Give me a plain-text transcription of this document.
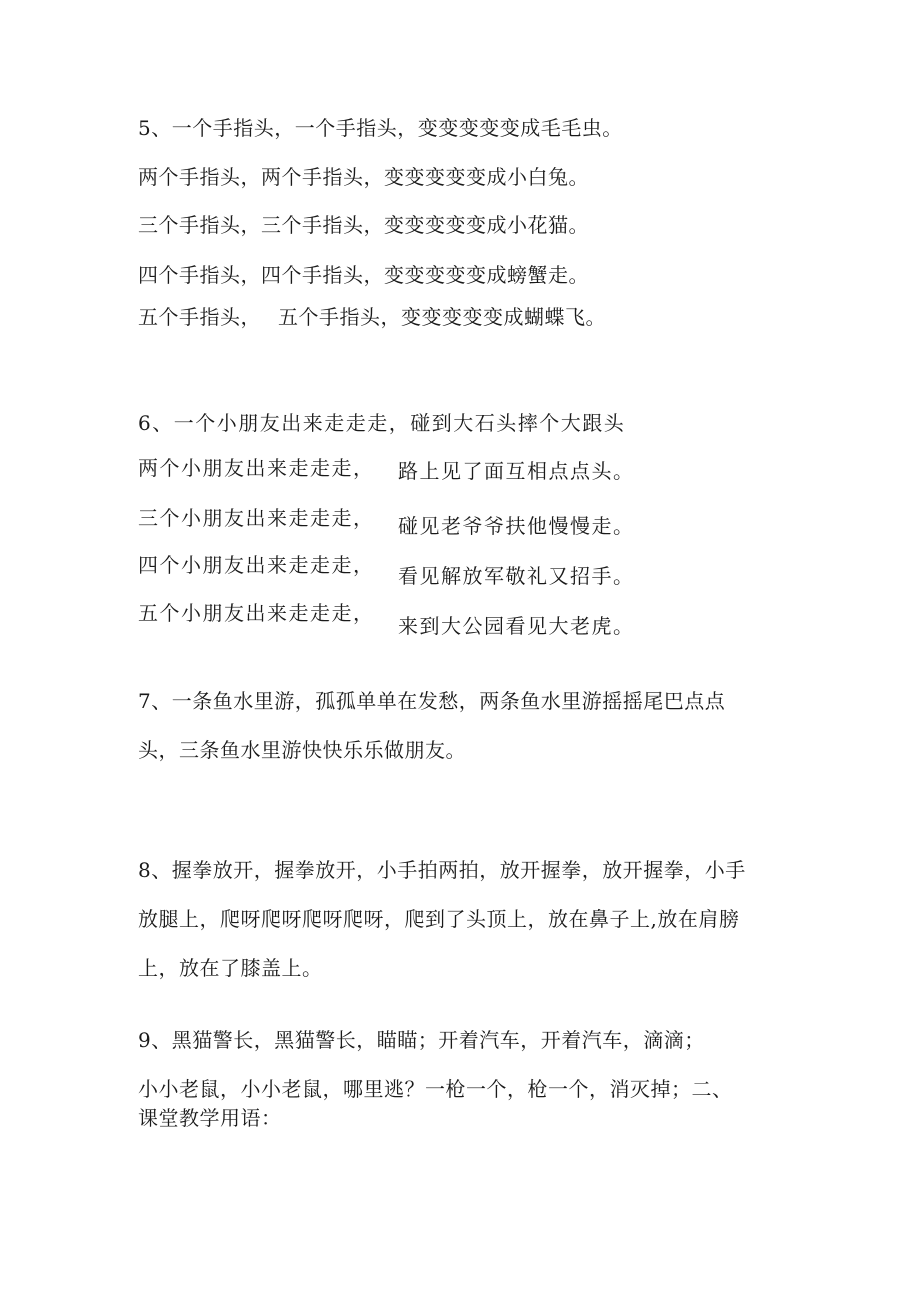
5、一个手指头，一个手指头，变变变变变成毛毛虫。
两个手指头，两个手指头，变变变变变成小白兔。
三个手指头，三个手指头，变变变变变成小花猫。
四个手指头，四个手指头，变变变变变成螃蟹走。
五个手指头， 五个手指头，变变变变变成蝴蝶飞。
6、一个小朋友出来走走走，碰到大石头摔个大跟头
两个小朋友出来走走走， 路上见了面互相点点头。
三个小朋友出来走走走， 碰见老爷爷扶他慢慢走。
四个小朋友出来走走走， 看见解放军敬礼又招手。
五个小朋友出来走走走，
来到大公园看见大老虎。
7、一条鱼水里游，孤孤单单在发愁，两条鱼水里游摇摇尾巴点点
头，三条鱼水里游快快乐乐做朋友。
8、握拳放开，握拳放开，小手拍两拍，放开握拳，放开握拳，小手
放腿上，爬呀爬呀爬呀爬呀，爬到了头顶上，放在鼻子上,放在肩膀
上，放在了膝盖上。
9、黑猫警长，黑猫警长，瞄瞄；开着汽车，开着汽车，滴滴；
小小老鼠，小小老鼠，哪里逃？一枪一个，枪一个，消灭掉；二、
课堂教学用语：
